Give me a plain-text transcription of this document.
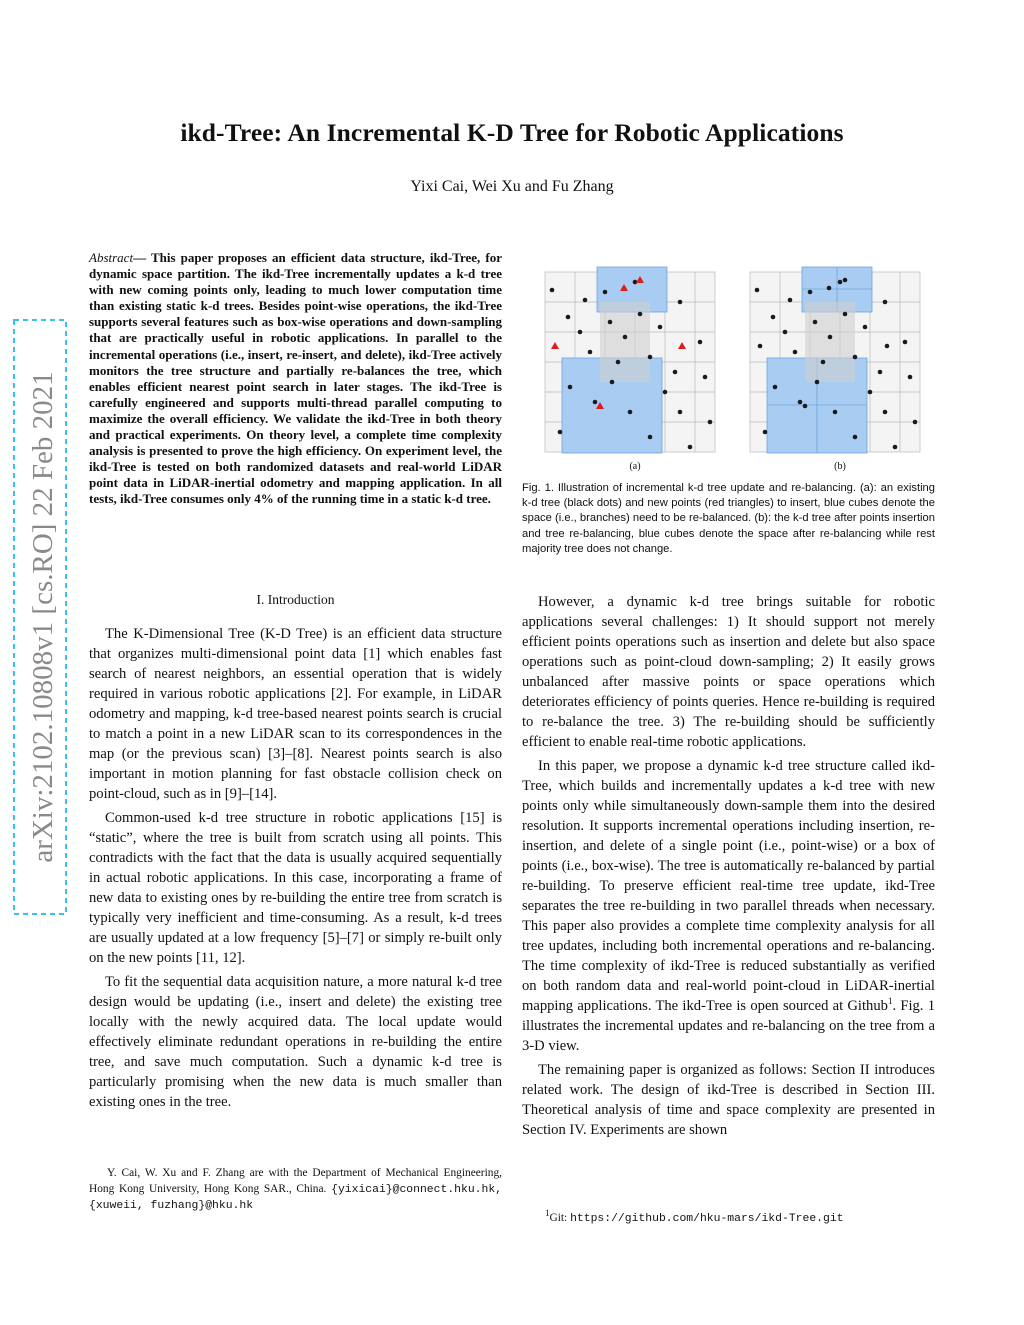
arXiv:2102.10808v1 [cs.RO] 22 Feb 2021
ikd-Tree: An Incremental K-D Tree for Robotic Applications
Yixi Cai, Wei Xu and Fu Zhang
Abstract— This paper proposes an efficient data structure, ikd-Tree, for dynamic space partition. The ikd-Tree incrementally updates a k-d tree with new coming points only, leading to much lower computation time than existing static k-d trees. Besides point-wise operations, the ikd-Tree supports several features such as box-wise operations and down-sampling that are practically useful in robotic applications. In parallel to the incremental operations (i.e., insert, re-insert, and delete), ikd-Tree actively monitors the tree structure and partially re-balances the tree, which enables efficient nearest point search in later stages. The ikd-Tree is carefully engineered and supports multi-thread parallel computing to maximize the overall efficiency. We validate the ikd-Tree in both theory and practical experiments. On theory level, a complete time complexity analysis is presented to prove the high efficiency. On experiment level, the ikd-Tree is tested on both randomized datasets and real-world LiDAR point data in LiDAR-inertial odometry and mapping application. In all tests, ikd-Tree consumes only 4% of the running time in a static k-d tree.
I. Introduction

The K-Dimensional Tree (K-D Tree) is an efficient data structure that organizes multi-dimensional point data [1] which enables fast search of nearest neighbors, an essential operation that is widely required in various robotic applications [2]. For example, in LiDAR odometry and mapping, k-d tree-based nearest points search is crucial to match a point in a new LiDAR scan to its correspondences in the map (or the previous scan) [3]–[8]. Nearest points search is also important in motion planning for fast obstacle collision check on point-cloud, such as in [9]–[14].

Common-used k-d tree structure in robotic applications [15] is “static”, where the tree is built from scratch using all points. This contradicts with the fact that the data is usually acquired sequentially in actual robotic applications. In this case, incorporating a frame of new data to existing ones by re-building the entire tree from scratch is typically very inefficient and time-consuming. As a result, k-d trees are usually updated at a low frequency [5]–[7] or simply re-built only on the new points [11, 12].

To fit the sequential data acquisition nature, a more natural k-d tree design would be updating (i.e., insert and delete) the existing tree locally with the newly acquired data. The local update would effectively eliminate redundant operations in re-building the entire tree, and save much computation. Such a dynamic k-d tree is particularly promising when the new data is much smaller than existing ones in the tree.

Y. Cai, W. Xu and F. Zhang are with the Department of Mechanical Engineering, Hong Kong University, Hong Kong SAR., China. {yixicai}@connect.hku.hk, {xuweii, fuzhang}@hku.hk

(a)	(b)
Fig. 1. Illustration of incremental k-d tree update and re-balancing. (a): an existing k-d tree (black dots) and new points (red triangles) to insert, blue cubes denote the space (i.e., branches) need to be re-balanced. (b): the k-d tree after points insertion and tree re-balancing, blue cubes denote the space after re-balancing while rest majority tree does not change.

However, a dynamic k-d tree brings suitable for robotic applications several challenges: 1) It should support not merely efficient points operations such as insertion and delete but also space operations such as point-cloud down-sampling; 2) It easily grows unbalanced after massive points or space operations which deteriorates efficiency of points queries. Hence re-building is required to re-balance the tree. 3) The re-building should be sufficiently efficient to enable real-time robotic applications.

In this paper, we propose a dynamic k-d tree structure called ikd-Tree, which builds and incrementally updates a k-d tree with new points only while simultaneously down-sample them into the desired resolution. It supports incremental operations including insertion, re-insertion, and delete of a single point (i.e., point-wise) or a box of points (i.e., box-wise). The tree is automatically re-balanced by partial re-building. To preserve efficient real-time tree update, ikd-Tree separates the tree re-building in two parallel threads when necessary. This paper also provides a complete time complexity analysis for all tree updates, including both incremental operations and re-balancing. The time complexity of ikd-Tree is reduced substantially as verified on both random data and real-world point-cloud in LiDAR-inertial mapping applications. The ikd-Tree is open sourced at Github$^1$. Fig. 1 illustrates the incremental updates and re-balancing on the tree from a 3-D view.

The remaining paper is organized as follows: Section II introduces related work. The design of ikd-Tree is described in Section III. Theoretical analysis of time and space complexity are presented in Section IV. Experiments are shown

$^1$Git: https://github.com/hku-mars/ikd-Tree.git
